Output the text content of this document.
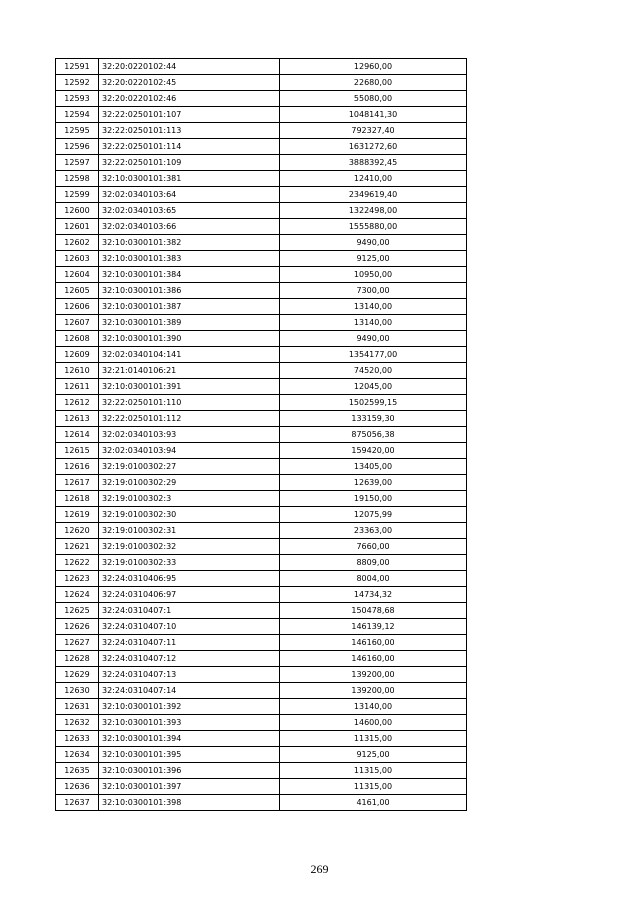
12591	32:20:0220102:44	12960,00
12592	32:20:0220102:45	22680,00
12593	32:20:0220102:46	55080,00
12594	32:22:0250101:107	1048141,30
12595	32:22:0250101:113	792327,40
12596	32:22:0250101:114	1631272,60
12597	32:22:0250101:109	3888392,45
12598	32:10:0300101:381	12410,00
12599	32:02:0340103:64	2349619,40
12600	32:02:0340103:65	1322498,00
12601	32:02:0340103:66	1555880,00
12602	32:10:0300101:382	9490,00
12603	32:10:0300101:383	9125,00
12604	32:10:0300101:384	10950,00
12605	32:10:0300101:386	7300,00
12606	32:10:0300101:387	13140,00
12607	32:10:0300101:389	13140,00
12608	32:10:0300101:390	9490,00
12609	32:02:0340104:141	1354177,00
12610	32:21:0140106:21	74520,00
12611	32:10:0300101:391	12045,00
12612	32:22:0250101:110	1502599,15
12613	32:22:0250101:112	133159,30
12614	32:02:0340103:93	875056,38
12615	32:02:0340103:94	159420,00
12616	32:19:0100302:27	13405,00
12617	32:19:0100302:29	12639,00
12618	32:19:0100302:3	19150,00
12619	32:19:0100302:30	12075,99
12620	32:19:0100302:31	23363,00
12621	32:19:0100302:32	7660,00
12622	32:19:0100302:33	8809,00
12623	32:24:0310406:95	8004,00
12624	32:24:0310406:97	14734,32
12625	32:24:0310407:1	150478,68
12626	32:24:0310407:10	146139,12
12627	32:24:0310407:11	146160,00
12628	32:24:0310407:12	146160,00
12629	32:24:0310407:13	139200,00
12630	32:24:0310407:14	139200,00
12631	32:10:0300101:392	13140,00
12632	32:10:0300101:393	14600,00
12633	32:10:0300101:394	11315,00
12634	32:10:0300101:395	9125,00
12635	32:10:0300101:396	11315,00
12636	32:10:0300101:397	11315,00
12637	32:10:0300101:398	4161,00
269
